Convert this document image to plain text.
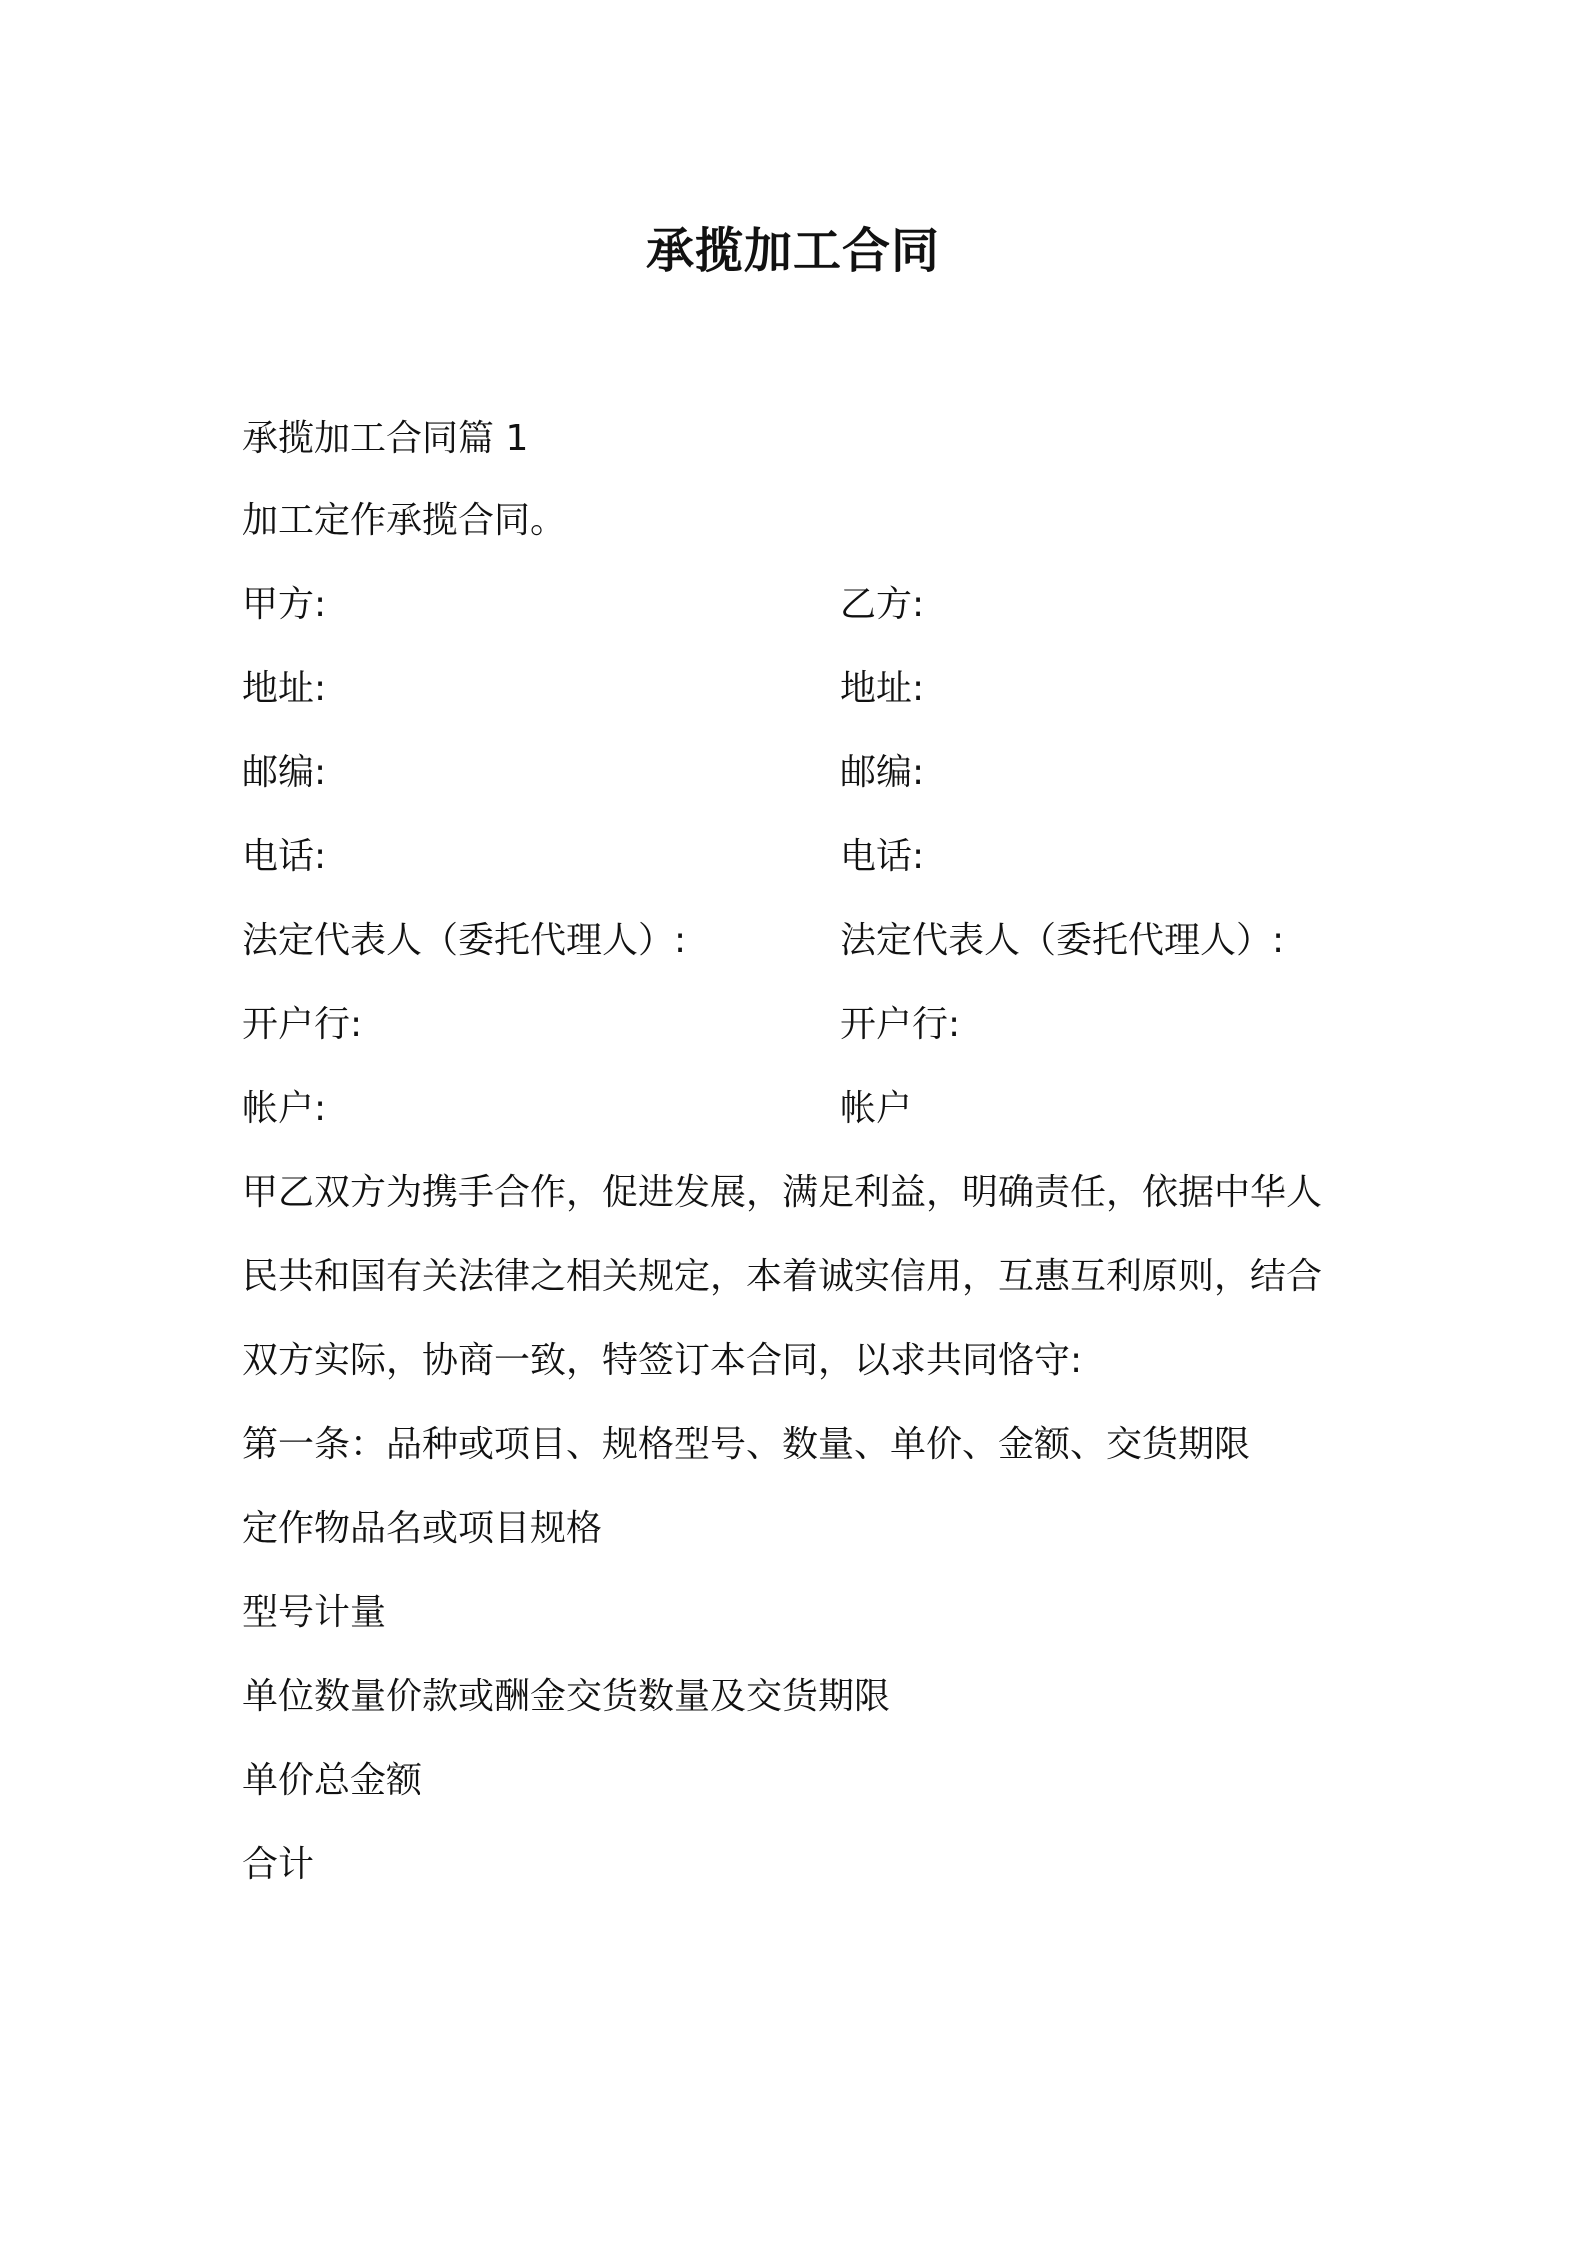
承揽加工合同
承揽加工合同篇 1
加工定作承揽合同。
甲方:	乙方:
地址:	地址:
邮编:	邮编:
电话:	电话:
法定代表人（委托代理人）:	法定代表人（委托代理人）:
开户行:	开户行:
帐户:	帐户
甲乙双方为携手合作，促进发展，满足利益，明确责任，依据中华人
民共和国有关法律之相关规定，本着诚实信用，互惠互利原则，结合
双方实际，协商一致，特签订本合同，以求共同恪守:
第一条：品种或项目、规格型号、数量、单价、金额、交货期限
定作物品名或项目规格
型号计量
单位数量价款或酬金交货数量及交货期限
单价总金额
合计
